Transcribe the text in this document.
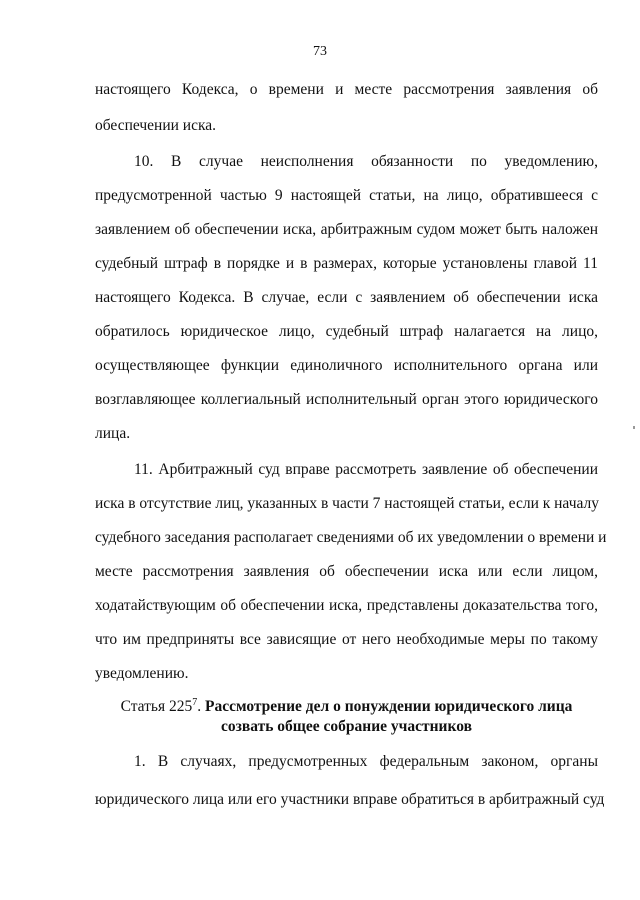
73
настоящего Кодекса, о времени и месте рассмотрения заявления об
обеспечении иска.
10. В случае неисполнения обязанности по уведомлению,
предусмотренной частью 9 настоящей статьи, на лицо, обратившееся с
заявлением об обеспечении иска, арбитражным судом может быть наложен
судебный штраф в порядке и в размерах, которые установлены главой 11
настоящего Кодекса. В случае, если с заявлением об обеспечении иска
обратилось юридическое лицо, судебный штраф налагается на лицо,
осуществляющее функции единоличного исполнительного органа или
возглавляющее коллегиальный исполнительный орган этого юридического
лица.
11. Арбитражный суд вправе рассмотреть заявление об обеспечении
иска в отсутствие лиц, указанных в части 7 настоящей статьи, если к началу
судебного заседания располагает сведениями об их уведомлении о времени и
месте рассмотрения заявления об обеспечении иска или если лицом,
ходатайствующим об обеспечении иска, представлены доказательства того,
что им предприняты все зависящие от него необходимые меры по такому
уведомлению.
Статья $225^7$. Рассмотрение дел о понуждении юридического лица
созвать общее собрание участников
1. В случаях, предусмотренных федеральным законом, органы
юридического лица или его участники вправе обратиться в арбитражный суд
